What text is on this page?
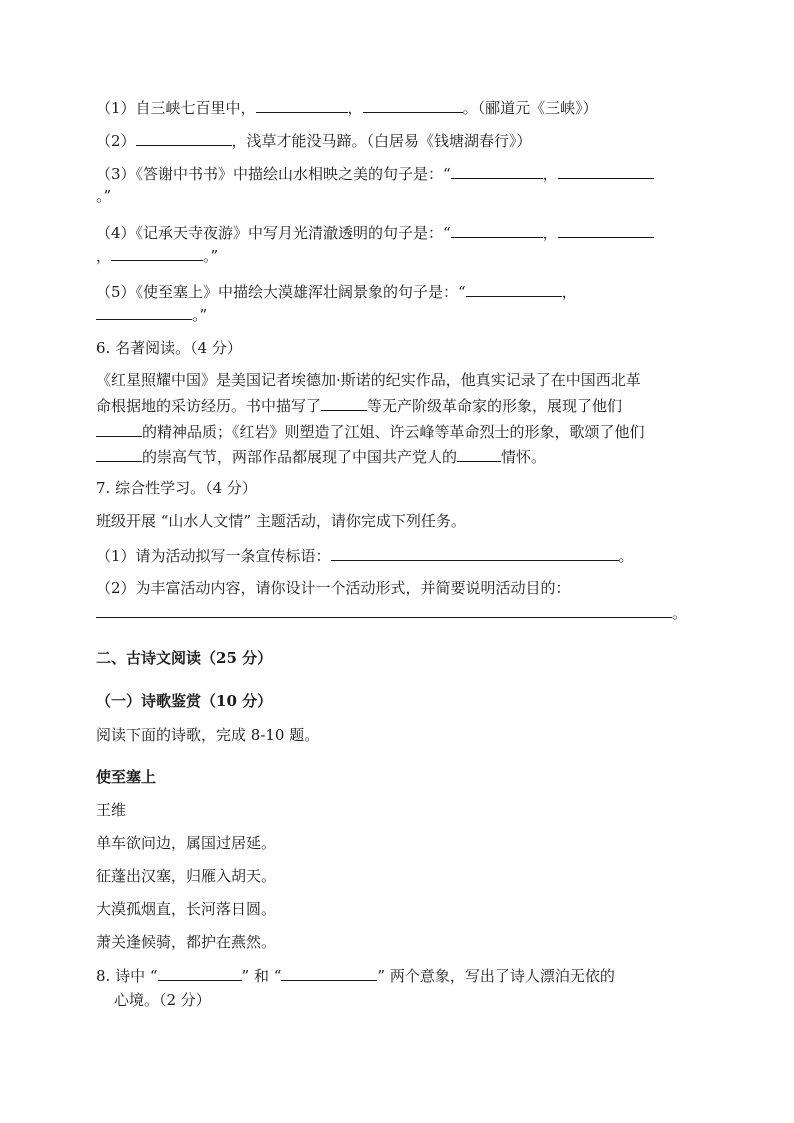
（1）自三峡七百里中，	，	。（郦道元《三峡》）
（2）	，浅草才能没马蹄。（白居易《钱塘湖春行》）
（3）《答谢中书书》中描绘山水相映之美的句子是：“	，
。”
（4）《记承天寺夜游》中写月光清澈透明的句子是：“	，
，	。”
（5）《使至塞上》中描绘大漠雄浑壮阔景象的句子是：“	，
。”
6. 名著阅读。（4 分）
《红星照耀中国》是美国记者埃德加·斯诺的纪实作品，他真实记录了在中国西北革
命根据地的采访经历。书中描写了	等无产阶级革命家的形象，展现了他们
的精神品质；《红岩》则塑造了江姐、许云峰等革命烈士的形象，歌颂了他们
的崇高气节，两部作品都展现了中国共产党人的	情怀。
7. 综合性学习。（4 分）
班级开展 “山水人文情” 主题活动，请你完成下列任务。
（1）请为活动拟写一条宣传标语：	。
（2）为丰富活动内容，请你设计一个活动形式，并简要说明活动目的：
。
二、古诗文阅读（25 分）
（一）诗歌鉴赏（10 分）
阅读下面的诗歌，完成 8-10 题。
使至塞上
王维
单车欲问边，属国过居延。
征蓬出汉塞，归雁入胡天。
大漠孤烟直，长河落日圆。
萧关逢候骑，都护在燕然。
8. 诗中 “	” 和 “	” 两个意象，写出了诗人漂泊无依的
心境。（2 分）
